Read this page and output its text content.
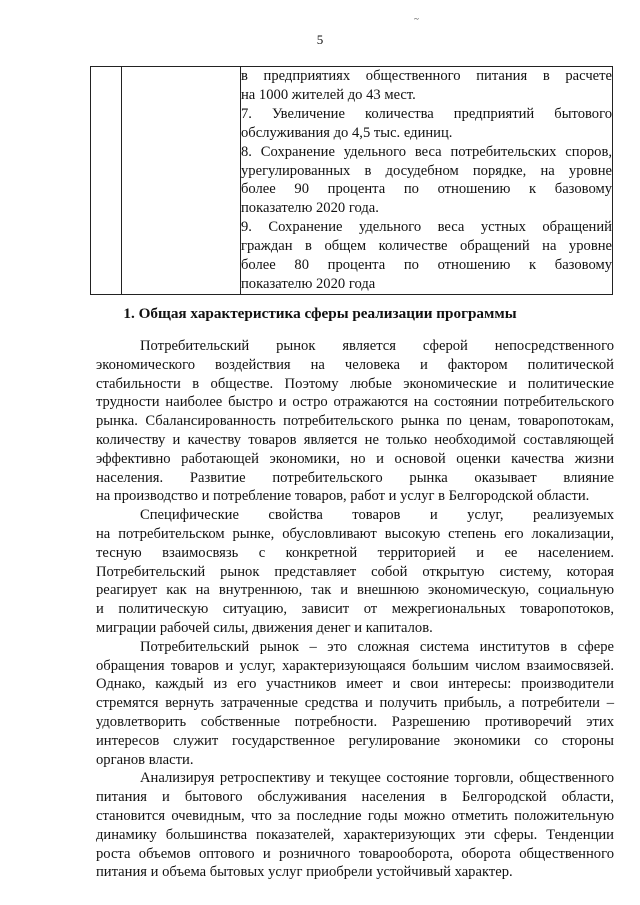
5
~

в предприятиях общественного питания в расчете
на 1000 жителей до 43 мест.
7. Увеличение количества предприятий бытового
обслуживания до 4,5 тыс. единиц.
8. Сохранение удельного веса потребительских споров,
урегулированных в досудебном порядке, на уровне
более 90 процента по отношению к базовому
показателю 2020 года.
9. Сохранение удельного веса устных обращений
граждан в общем количестве обращений на уровне
более 80 процента по отношению к базовому
показателю 2020 года
1. Общая характеристика сферы реализации программы
Потребительский рынок является сферой непосредственного
экономического воздействия на человека и фактором политической
стабильности в обществе. Поэтому любые экономические и политические
трудности наиболее быстро и остро отражаются на состоянии потребительского
рынка. Сбалансированность потребительского рынка по ценам, товаропотокам,
количеству и качеству товаров является не только необходимой составляющей
эффективно работающей экономики, но и основой оценки качества жизни
населения. Развитие потребительского рынка оказывает влияние
на производство и потребление товаров, работ и услуг в Белгородской области.
Специфические свойства товаров и услуг, реализуемых
на потребительском рынке, обусловливают высокую степень его локализации,
тесную взаимосвязь с конкретной территорией и ее населением.
Потребительский рынок представляет собой открытую систему, которая
реагирует как на внутреннюю, так и внешнюю экономическую, социальную
и политическую ситуацию, зависит от межрегиональных товаропотоков,
миграции рабочей силы, движения денег и капиталов.
Потребительский рынок – это сложная система институтов в сфере
обращения товаров и услуг, характеризующаяся большим числом взаимосвязей.
Однако, каждый из его участников имеет и свои интересы: производители
стремятся вернуть затраченные средства и получить прибыль, а потребители –
удовлетворить собственные потребности. Разрешению противоречий этих
интересов служит государственное регулирование экономики со стороны
органов власти.
Анализируя ретроспективу и текущее состояние торговли, общественного
питания и бытового обслуживания населения в Белгородской области,
становится очевидным, что за последние годы можно отметить положительную
динамику большинства показателей, характеризующих эти сферы. Тенденции
роста объемов оптового и розничного товарооборота, оборота общественного
питания и объема бытовых услуг приобрели устойчивый характер.
